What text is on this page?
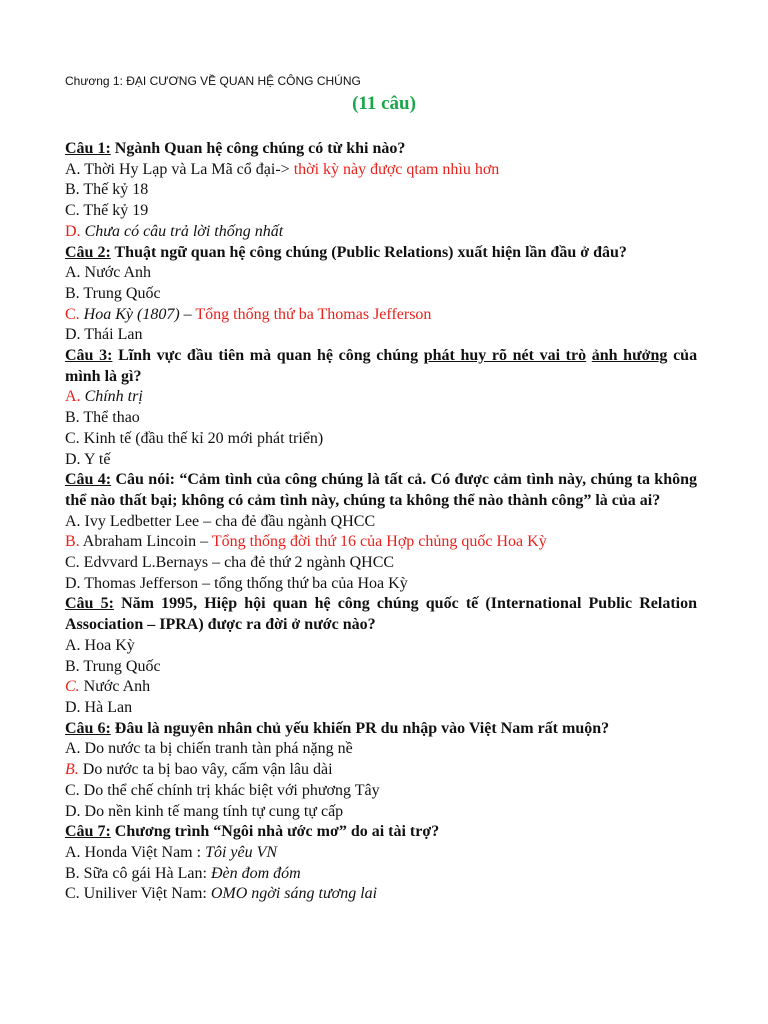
Chương 1: ĐẠI CƯƠNG VỀ QUAN HỆ CÔNG CHÚNG
(11 câu)

Câu 1: Ngành Quan hệ công chúng có từ khi nào?

A. Thời Hy Lạp và La Mã cổ đại-> thời kỳ này được qtam nhìu hơn

B. Thế kỷ 18

C. Thế kỷ 19

D. Chưa có câu trả lời thống nhất

Câu 2: Thuật ngữ quan hệ công chúng (Public Relations) xuất hiện lần đầu ở đâu?

A. Nước Anh

B. Trung Quốc

C. Hoa Kỳ (1807) – Tổng thống thứ ba Thomas Jefferson

D. Thái Lan

Câu 3: Lĩnh vực đầu tiên mà quan hệ công chúng phát huy rõ nét vai trò ảnh hưởng của mình là gì?

A. Chính trị

B. Thể thao

C. Kinh tế (đầu thế kỉ 20 mới phát triển)

D. Y tế

Câu 4: Câu nói: “Cảm tình của công chúng là tất cả. Có được cảm tình này, chúng ta không thể nào thất bại; không có cảm tình này, chúng ta không thể nào thành công” là của ai?

A. Ivy Ledbetter Lee – cha đẻ đầu ngành QHCC

B. Abraham Lincoin – Tổng thống đời thứ 16 của Hợp chủng quốc Hoa Kỳ

C. Edvvard L.Bernays – cha đẻ thứ 2 ngành QHCC

D. Thomas Jefferson – tổng thống thứ ba của Hoa Kỳ

Câu 5: Năm 1995, Hiệp hội quan hệ công chúng quốc tế (International Public Relation Association – IPRA) được ra đời ở nước nào?

A. Hoa Kỳ

B. Trung Quốc

C. Nước Anh

D. Hà Lan

Câu 6: Đâu là nguyên nhân chủ yếu khiến PR du nhập vào Việt Nam rất muộn?

A. Do nước ta bị chiến tranh tàn phá nặng nề

B. Do nước ta bị bao vây, cấm vận lâu dài

C. Do thể chế chính trị khác biệt với phương Tây

D. Do nền kinh tế mang tính tự cung tự cấp

Câu 7: Chương trình “Ngôi nhà ước mơ” do ai tài trợ?

A. Honda Việt Nam : Tôi yêu VN

B. Sữa cô gái Hà Lan: Đèn đom đóm

C. Uniliver Việt Nam: OMO ngời sáng tương lai
